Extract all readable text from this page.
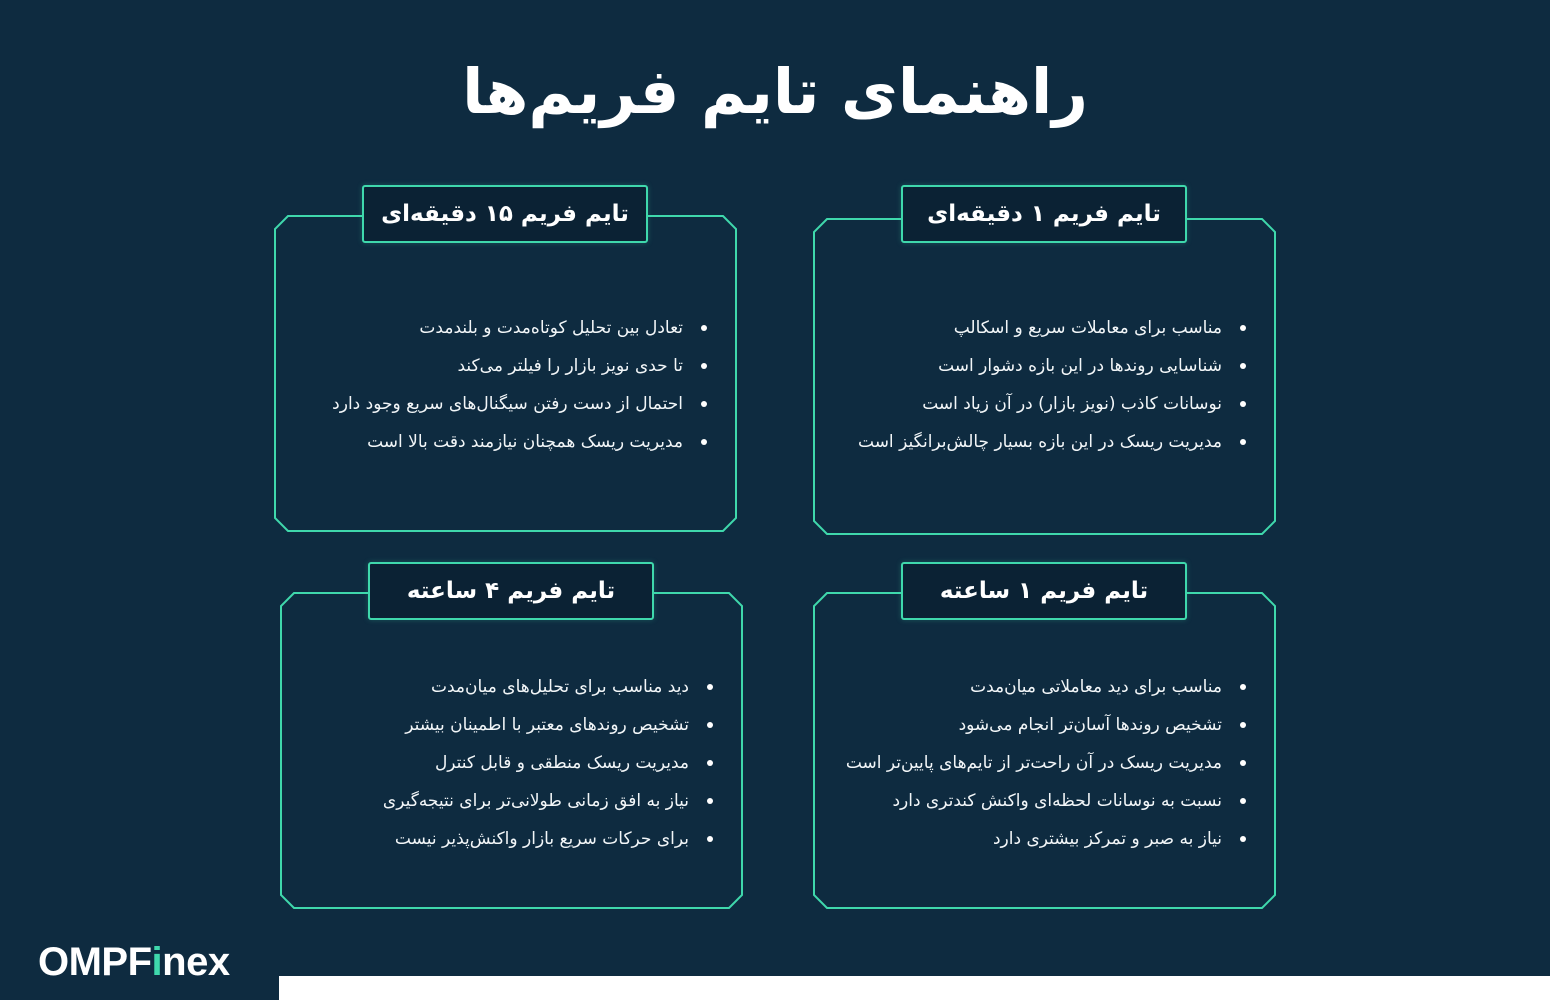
راهنمای تایم فریم‌ها
تایم فریم ۱ دقیقه‌ای
مناسب برای معاملات سریع و اسکالپ
شناسایی روندها در این بازه دشوار است
نوسانات کاذب (نویز بازار) در آن زیاد است
مدیریت ریسک در این بازه بسیار چالش‌برانگیز است
تایم فریم ۱۵ دقیقه‌ای
تعادل بین تحلیل کوتاه‌مدت و بلندمدت
تا حدی نویز بازار را فیلتر می‌کند
احتمال از دست رفتن سیگنال‌های سریع وجود دارد
مدیریت ریسک همچنان نیازمند دقت بالا است
تایم فریم ۱ ساعته
مناسب برای دید معاملاتی میان‌مدت
تشخیص روندها آسان‌تر انجام می‌شود
مدیریت ریسک در آن راحت‌تر از تایم‌های پایین‌تر است
نسبت به نوسانات لحظه‌ای واکنش کندتری دارد
نیاز به صبر و تمرکز بیشتری دارد
تایم فریم ۴ ساعته
دید مناسب برای تحلیل‌های میان‌مدت
تشخیص روندهای معتبر با اطمینان بیشتر
مدیریت ریسک منطقی و قابل کنترل
نیاز به افق زمانی طولانی‌تر برای نتیجه‌گیری
برای حرکات سریع بازار واکنش‌پذیر نیست
OMPFinex
